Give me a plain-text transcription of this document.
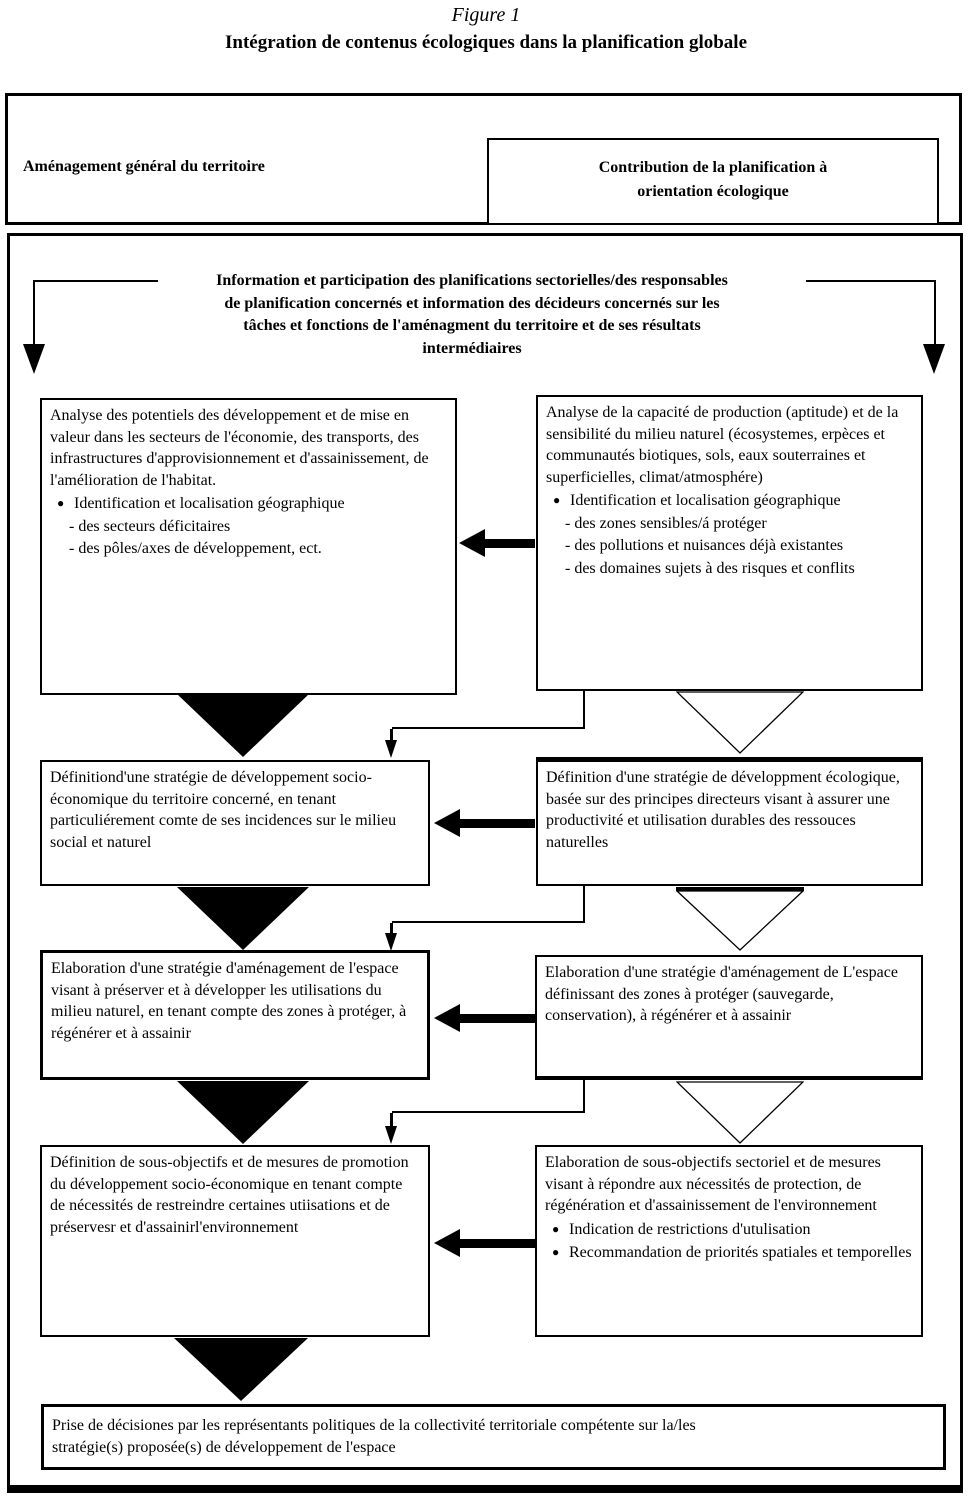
Figure 1
Intégration de contenus écologiques dans la planification globale
Aménagement général du territoire	Contribution de la planification à
orientation écologique
Information et participation des planifications sectorielles/des responsables
de planification concernés et information des décideurs concernés sur les
tâches et fonctions de l'aménagment du territoire et de ses résultats
intermédiaires

Analyse des potentiels des développement et de mise en valeur dans les secteurs de l'économie, des transports, des infrastructures d'approvisionnement et d'assainissement, de l'amélioration de l'habitat.

● Identification et localisation géographique
- des secteurs déficitaires
- des pôles/axes de développement, ect.

Analyse de la capacité de production (aptitude) et de la sensibilité du milieu naturel (écosystemes, erpèces et communautés biotiques, sols, eaux souterraines et superficielles, climat/atmosphére)

● Identification et localisation géographique
- des zones sensibles/á protéger
- des pollutions et nuisances déjà existantes
- des domaines sujets à des risques et conflits

Définitiond'une stratégie de développement socio-économique du territoire concerné, en tenant particuliérement comte de ses incidences sur le milieu social et naturel

Définition d'une stratégie de développment écologique, basée sur des principes directeurs visant à assurer une productivité et utilisation durables des ressouces naturelles

Elaboration d'une stratégie d'aménagement de l'espace visant à préserver et à développer les utilisations du milieu naturel, en tenant compte des zones à protéger, à régénérer et à assainir

Elaboration d'une stratégie d'aménagement de L'espace définissant des zones à protéger (sauvegarde, conservation), à régénérer et à assainir

Définition de sous-objectifs et de mesures de promotion du développement socio-économique en tenant compte de nécessités de restreindre certaines utiisations et de préservesr et d'assainirl'environnement

Elaboration de sous-objectifs sectoriel et de mesures visant à répondre aux nécessités de protection, de régénération et d'assainissement de l'environnement

● Indication de restrictions d'utulisation
● Recommandation de priorités spatiales et temporelles

Prise de décisiones par les représentants politiques de la collectivité territoriale compétente sur la/les

stratégie(s) proposée(s) de développement de l'espace
